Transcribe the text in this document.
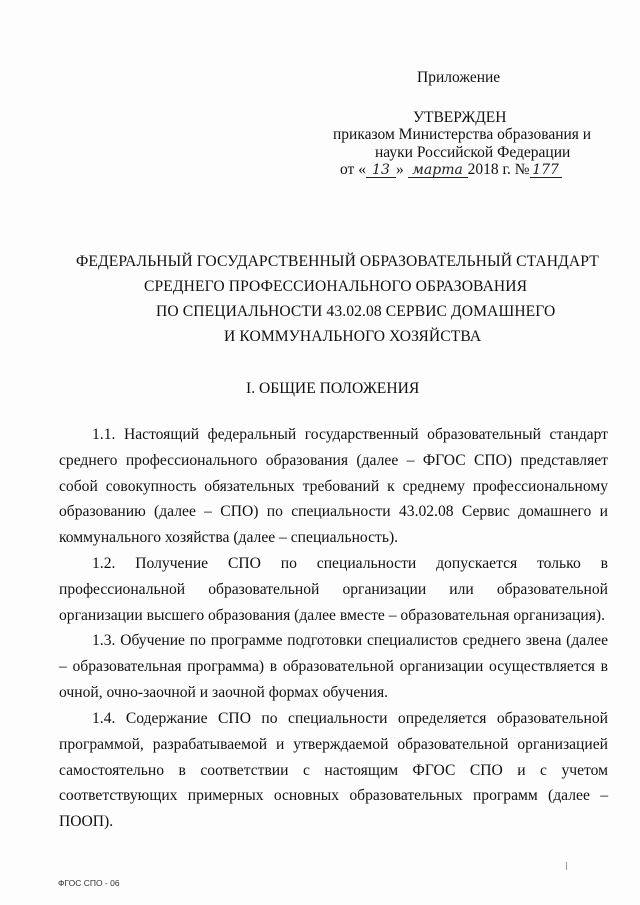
Приложение
УТВЕРЖДЕН
приказом Министерства образования и
науки Российской Федерации
от « 13 » марта 2018 г. № 177
ФЕДЕРАЛЬНЫЙ ГОСУДАРСТВЕННЫЙ ОБРАЗОВАТЕЛЬНЫЙ СТАНДАРТ
СРЕДНЕГО ПРОФЕССИОНАЛЬНОГО ОБРАЗОВАНИЯ
ПО СПЕЦИАЛЬНОСТИ 43.02.08 СЕРВИС ДОМАШНЕГО
И КОММУНАЛЬНОГО ХОЗЯЙСТВА
I. ОБЩИЕ ПОЛОЖЕНИЯ
1.1. Настоящий федеральный государственный образовательный стандарт среднего профессионального образования (далее – ФГОС СПО) представляет собой совокупность обязательных требований к среднему профессиональному образованию (далее – СПО) по специальности 43.02.08 Сервис домашнего и коммунального хозяйства (далее – специальность).
1.2. Получение СПО по специальности допускается только в профессиональной образовательной организации или образовательной организации высшего образования (далее вместе – образовательная организация).
1.3. Обучение по программе подготовки специалистов среднего звена (далее – образовательная программа) в образовательной организации осуществляется в очной, очно-заочной и заочной формах обучения.
1.4. Содержание СПО по специальности определяется образовательной программой, разрабатываемой и утверждаемой образовательной организацией самостоятельно в соответствии с настоящим ФГОС СПО и с учетом соответствующих примерных основных образовательных программ (далее – ПООП).
ФГОС СПО - 06
